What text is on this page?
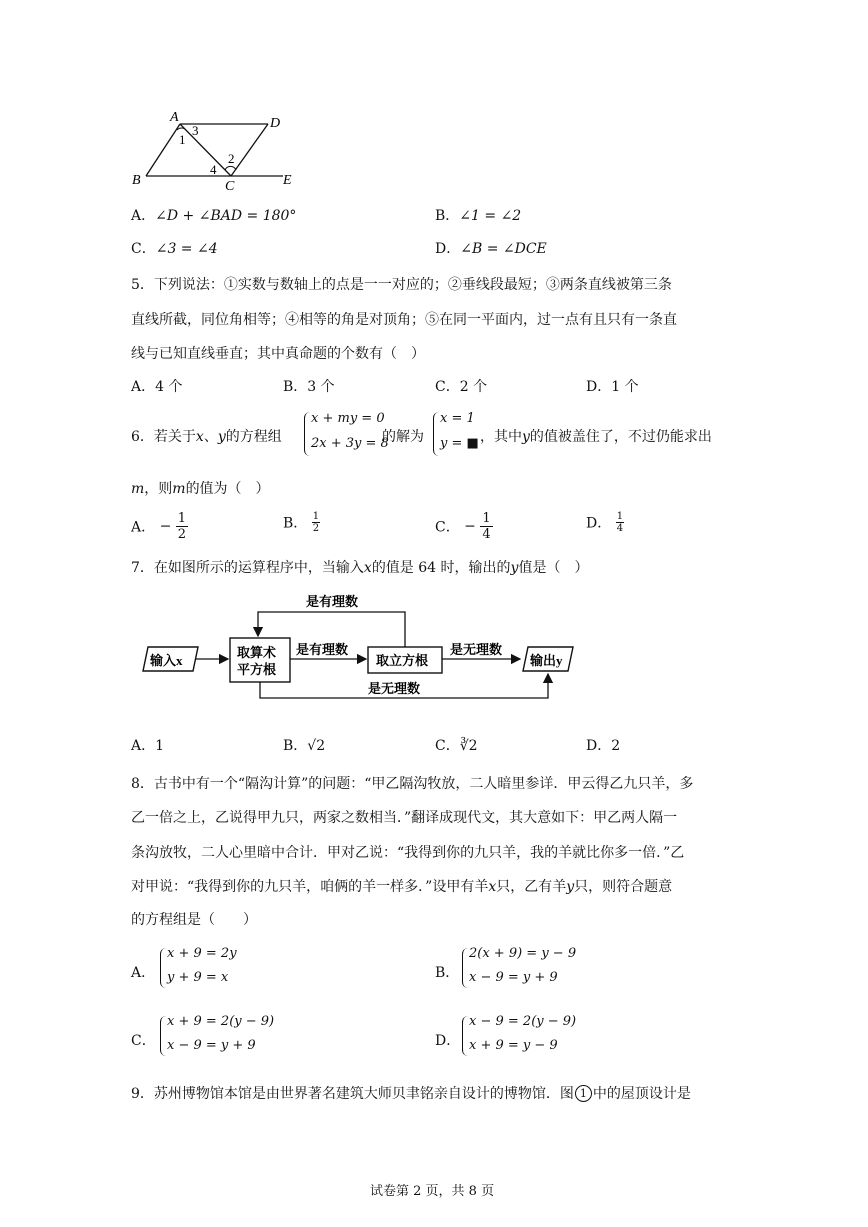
A	D
B	C	E
1
2
3
4
A．∠D + ∠BAD = 180°	B．∠1 = ∠2
C．∠3 = ∠4	D．∠B = ∠DCE
5．下列说法：①实数与数轴上的点是一一对应的；②垂线段最短；③两条直线被第三条
直线所截，同位角相等；④相等的角是对顶角；⑤在同一平面内，过一点有且只有一条直
线与已知直线垂直；其中真命题的个数有（　）
A．4 个	B．3 个	C．2 个	D．1 个
6．若关于x、y的方程组
x + my = 0
2x + 3y = 8
的解为
x = 1
y = ■ ，其中y的值被盖住了，不过仍能求出
m，则m的值为（　）
A． − $\frac{1}{2}$	B． $\frac{1}{2}$	C． − $\frac{1}{4}$	D． $\frac{1}{4}$
7．在如图所示的运算程序中，当输入x的值是 64 时，输出的y值是（　）
输入x
取算术
平方根
取立方根	输出y
是有理数
是有理数	是无理数
是无理数
A．1	B．√2	C．∛2	D．2
8．古书中有一个“隔沟计算”的问题：“甲乙隔沟牧放，二人暗里参详．甲云得乙九只羊，多
乙一倍之上，乙说得甲九只，两家之数相当．”翻译成现代文，其大意如下：甲乙两人隔一
条沟放牧，二人心里暗中合计．甲对乙说：“我得到你的九只羊，我的羊就比你多一倍．”乙
对甲说：“我得到你的九只羊，咱俩的羊一样多．”设甲有羊x只，乙有羊y只，则符合题意
的方程组是（　　）
A．
x + 9 = 2y
y + 9 = x	B．
2(x + 9) = y − 9
x − 9 = y + 9
C．
x + 9 = 2(y − 9)
x − 9 = y + 9	D．
x − 9 = 2(y − 9)
x + 9 = y − 9
9．苏州博物馆本馆是由世界著名建筑大师贝聿铭亲自设计的博物馆．图 1 中的屋顶设计是
试卷第 2 页，共 8 页
